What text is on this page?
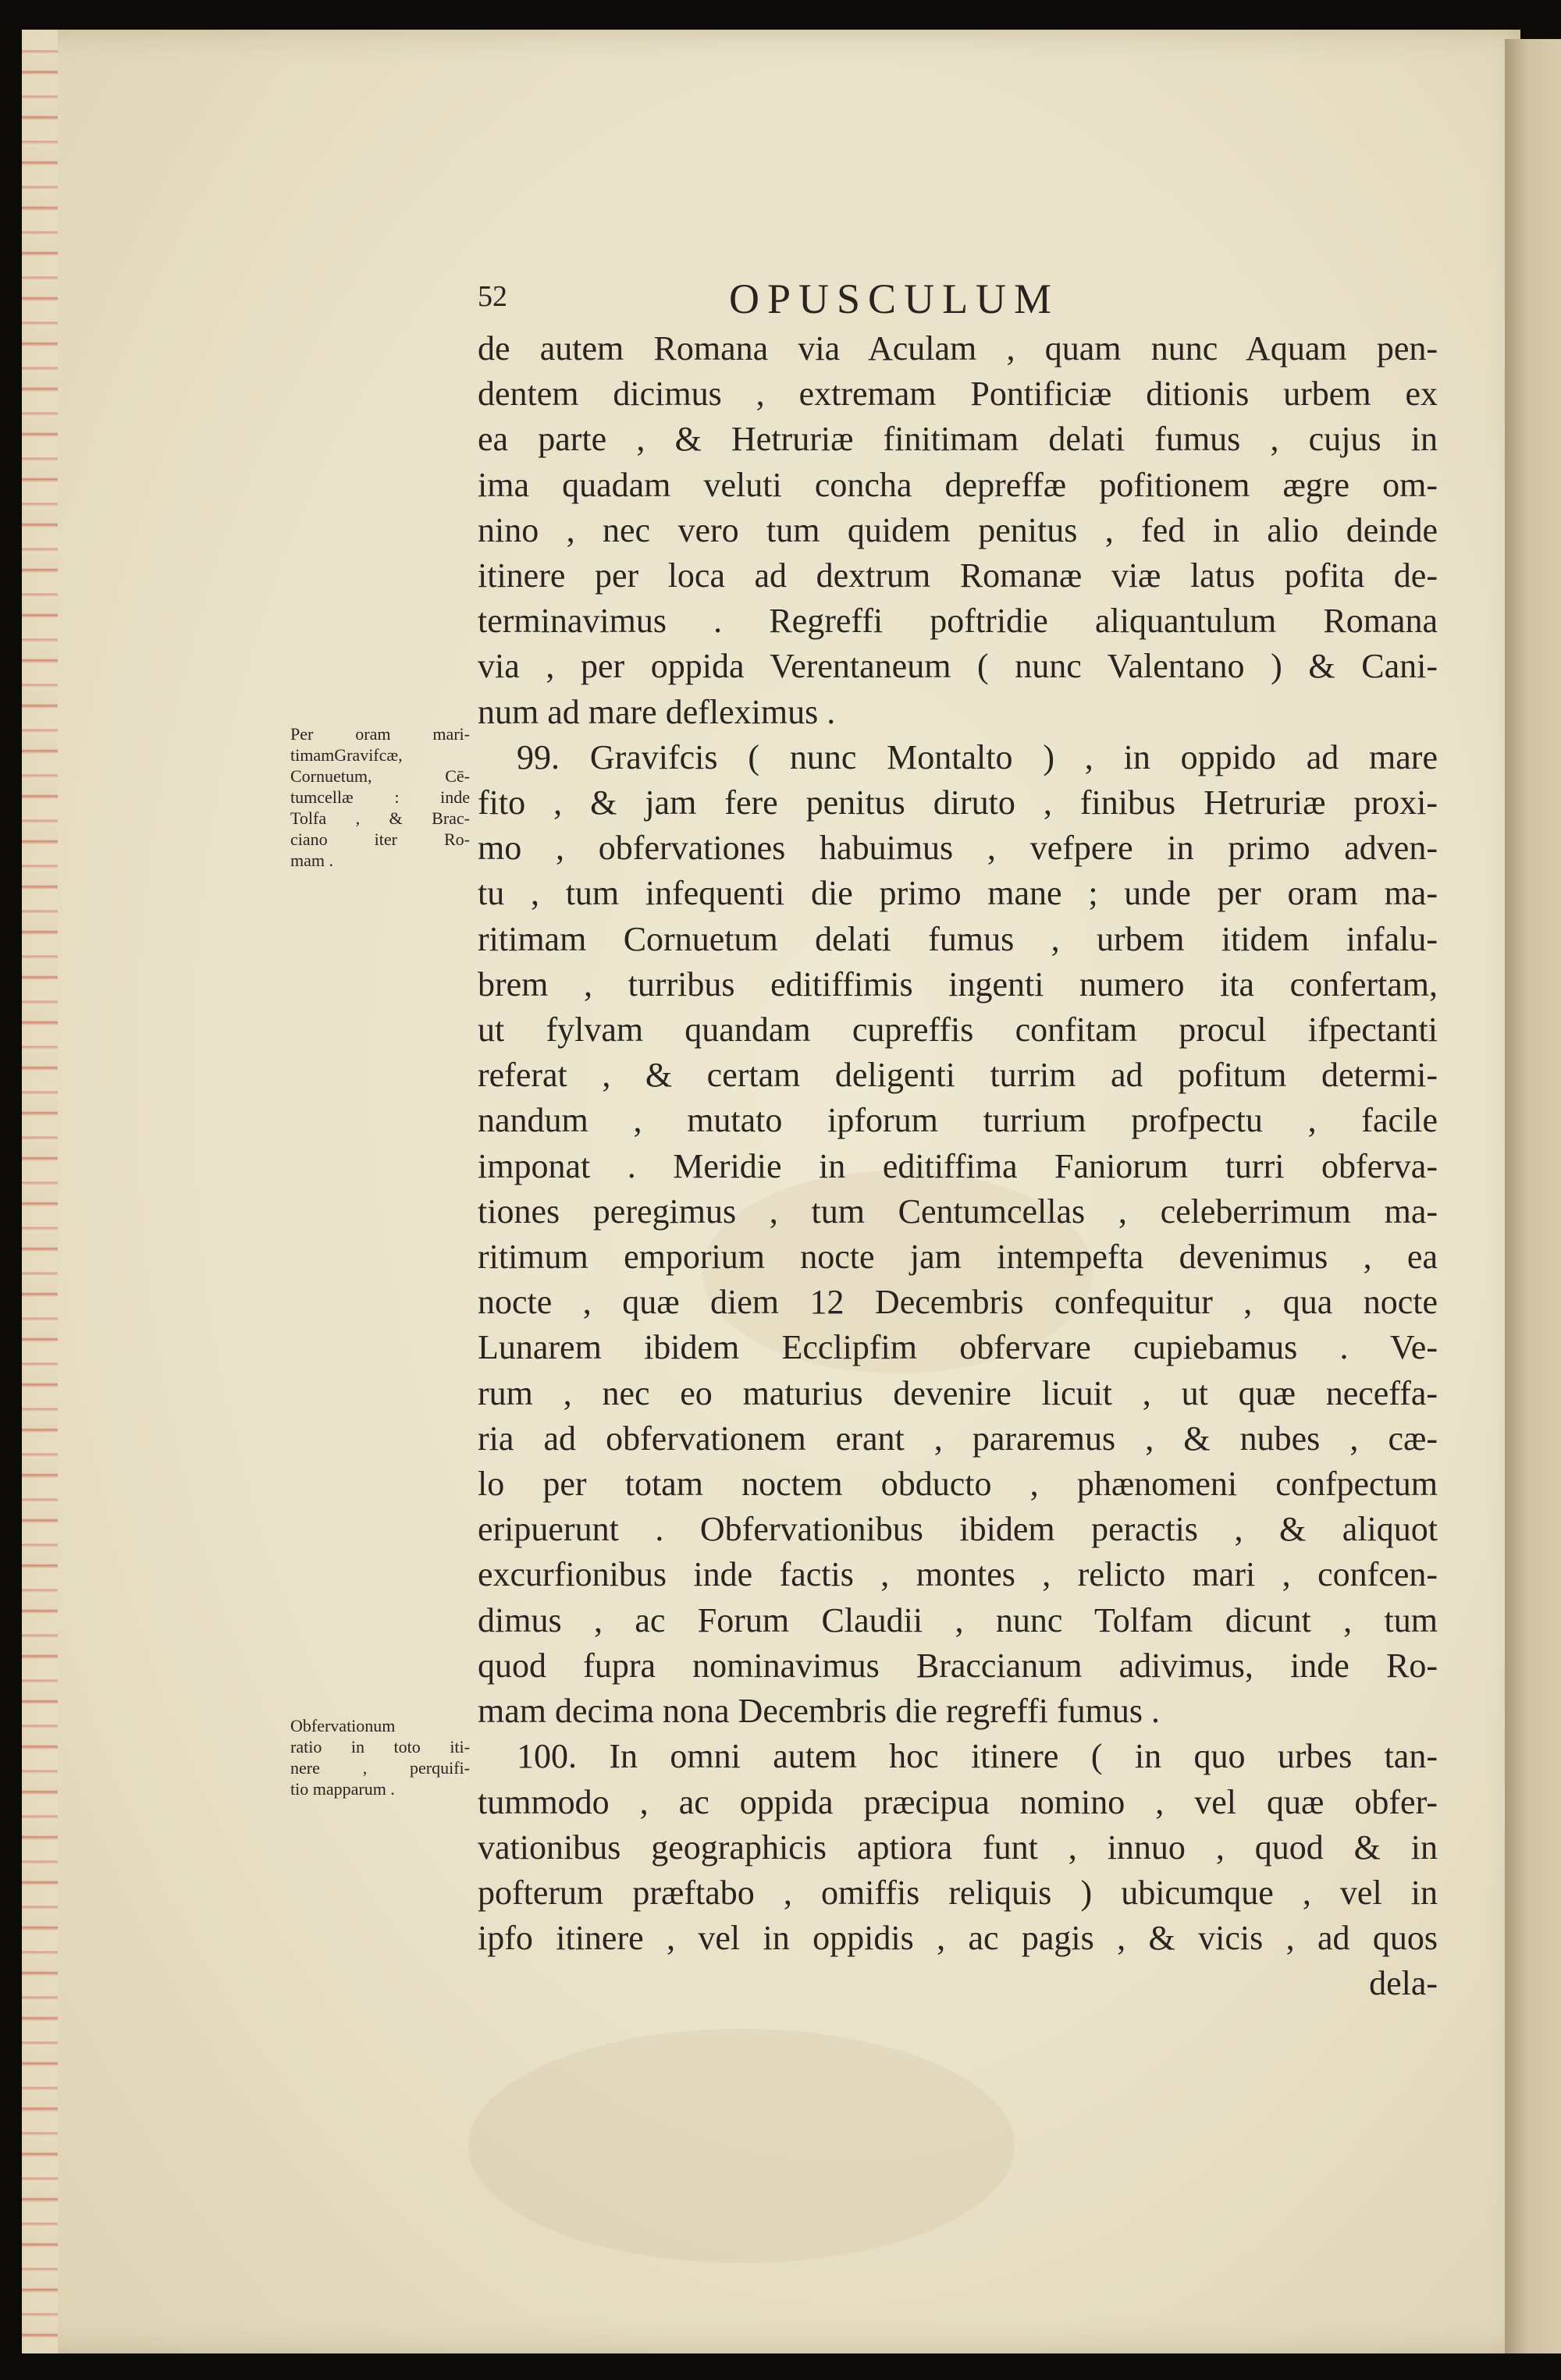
52	OPUSCULUM
Per oram mari-
timamGravifcæ,
Cornuetum, Cē-
tumcellæ : inde
Tolfa , & Brac-
ciano iter Ro-
mam .
Obfervationum
ratio in toto iti-
nere , perquifi-
tio mapparum .
de autem Romana via Aculam , quam nunc Aquam pen-
dentem dicimus , extremam Pontificiæ ditionis urbem ex
ea parte , & Hetruriæ finitimam delati fumus , cujus in
ima quadam veluti concha depreffæ pofitionem ægre om-
nino , nec vero tum quidem penitus , fed in alio deinde
itinere per loca ad dextrum Romanæ viæ latus pofita de-
terminavimus . Regreffi poftridie aliquantulum Romana
via , per oppida Verentaneum ( nunc Valentano ) & Cani-
num ad mare defleximus .
99. Gravifcis ( nunc Montalto ) , in oppido ad mare
fito , & jam fere penitus diruto , finibus Hetruriæ proxi-
mo , obfervationes habuimus , vefpere in primo adven-
tu , tum infequenti die primo mane ; unde per oram ma-
ritimam Cornuetum delati fumus , urbem itidem infalu-
brem , turribus editiffimis ingenti numero ita confertam,
ut fylvam quandam cupreffis confitam procul ifpectanti
referat , & certam deligenti turrim ad pofitum determi-
nandum , mutato ipforum turrium profpectu , facile
imponat . Meridie in editiffima Faniorum turri obferva-
tiones peregimus , tum Centumcellas , celeberrimum ma-
ritimum emporium nocte jam intempefta devenimus , ea
nocte , quæ diem 12 Decembris confequitur , qua nocte
Lunarem ibidem Ecclipfim obfervare cupiebamus . Ve-
rum , nec eo maturius devenire licuit , ut quæ neceffa-
ria ad obfervationem erant , pararemus , & nubes , cæ-
lo per totam noctem obducto , phænomeni confpectum
eripuerunt . Obfervationibus ibidem peractis , & aliquot
excurfionibus inde factis , montes , relicto mari , confcen-
dimus , ac Forum Claudii , nunc Tolfam dicunt , tum
quod fupra nominavimus Braccianum adivimus, inde Ro-
mam decima nona Decembris die regreffi fumus .
100. In omni autem hoc itinere ( in quo urbes tan-
tummodo , ac oppida præcipua nomino , vel quæ obfer-
vationibus geographicis aptiora funt , innuo , quod & in
pofterum præftabo , omiffis reliquis ) ubicumque , vel in
ipfo itinere , vel in oppidis , ac pagis , & vicis , ad quos
dela-
